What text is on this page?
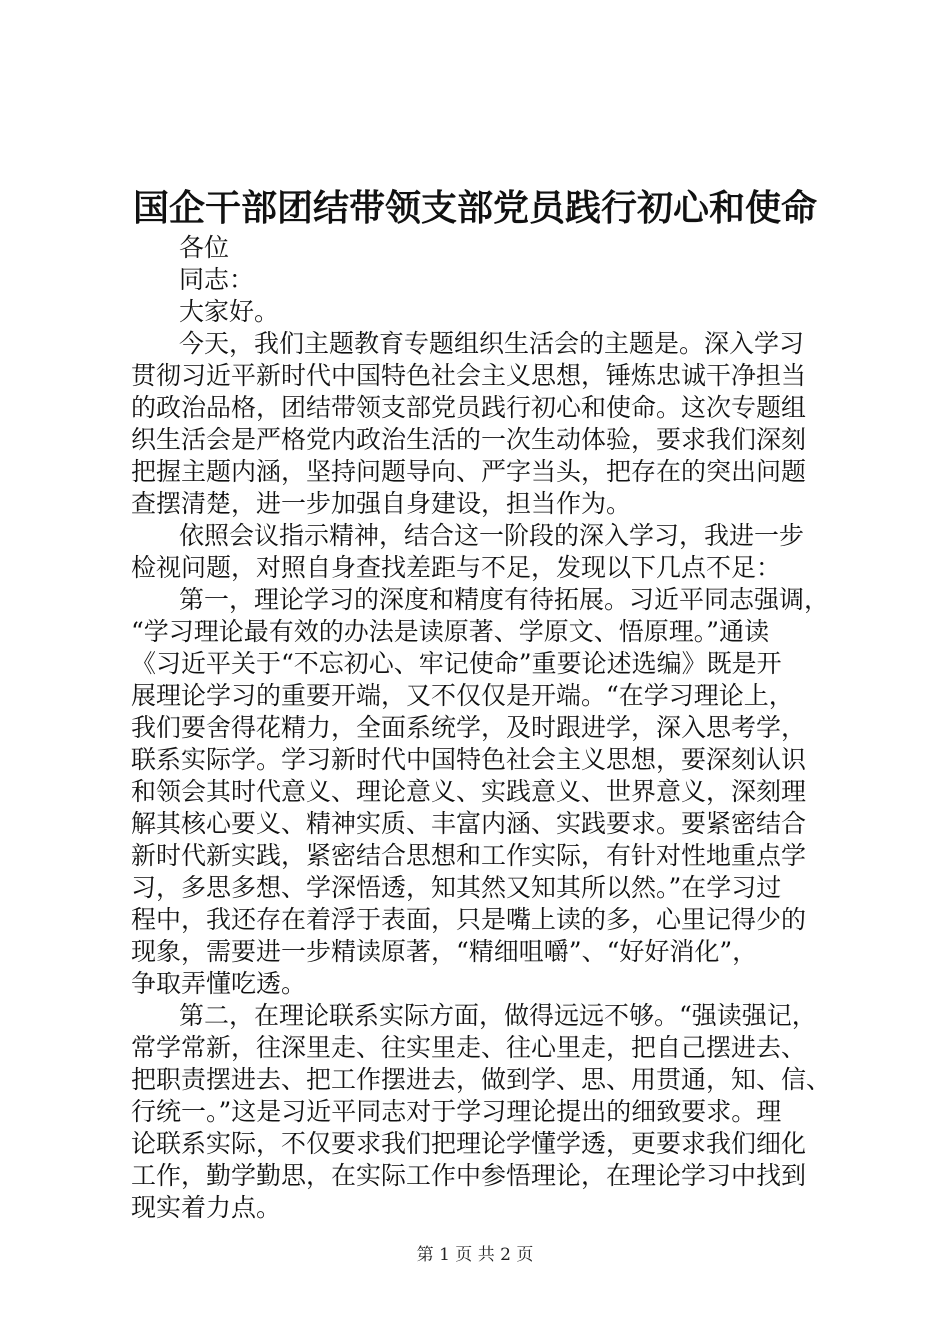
国企干部团结带领支部党员践行初心和使命
各位
同志：
大家好。
今天，我们主题教育专题组织生活会的主题是。深入学习
贯彻习近平新时代中国特色社会主义思想，锤炼忠诚干净担当
的政治品格，团结带领支部党员践行初心和使命。这次专题组
织生活会是严格党内政治生活的一次生动体验，要求我们深刻
把握主题内涵，坚持问题导向、严字当头，把存在的突出问题
查摆清楚，进一步加强自身建设，担当作为。
依照会议指示精神，结合这一阶段的深入学习，我进一步
检视问题，对照自身查找差距与不足，发现以下几点不足：
第一，理论学习的深度和精度有待拓展。习近平同志强调，
“学习理论最有效的办法是读原著、学原文、悟原理。”通读
《习近平关于“不忘初心、牢记使命”重要论述选编》既是开
展理论学习的重要开端，又不仅仅是开端。“在学习理论上，
我们要舍得花精力，全面系统学，及时跟进学，深入思考学，
联系实际学。学习新时代中国特色社会主义思想，要深刻认识
和领会其时代意义、理论意义、实践意义、世界意义，深刻理
解其核心要义、精神实质、丰富内涵、实践要求。要紧密结合
新时代新实践，紧密结合思想和工作实际，有针对性地重点学
习，多思多想、学深悟透，知其然又知其所以然。”在学习过
程中，我还存在着浮于表面，只是嘴上读的多，心里记得少的
现象，需要进一步精读原著，“精细咀嚼”、“好好消化”，
争取弄懂吃透。
第二，在理论联系实际方面，做得远远不够。“强读强记，
常学常新，往深里走、往实里走、往心里走，把自己摆进去、
把职责摆进去、把工作摆进去，做到学、思、用贯通，知、信、
行统一。”这是习近平同志对于学习理论提出的细致要求。理
论联系实际，不仅要求我们把理论学懂学透，更要求我们细化
工作，勤学勤思，在实际工作中参悟理论，在理论学习中找到
现实着力点。
第 1 页 共 2 页
